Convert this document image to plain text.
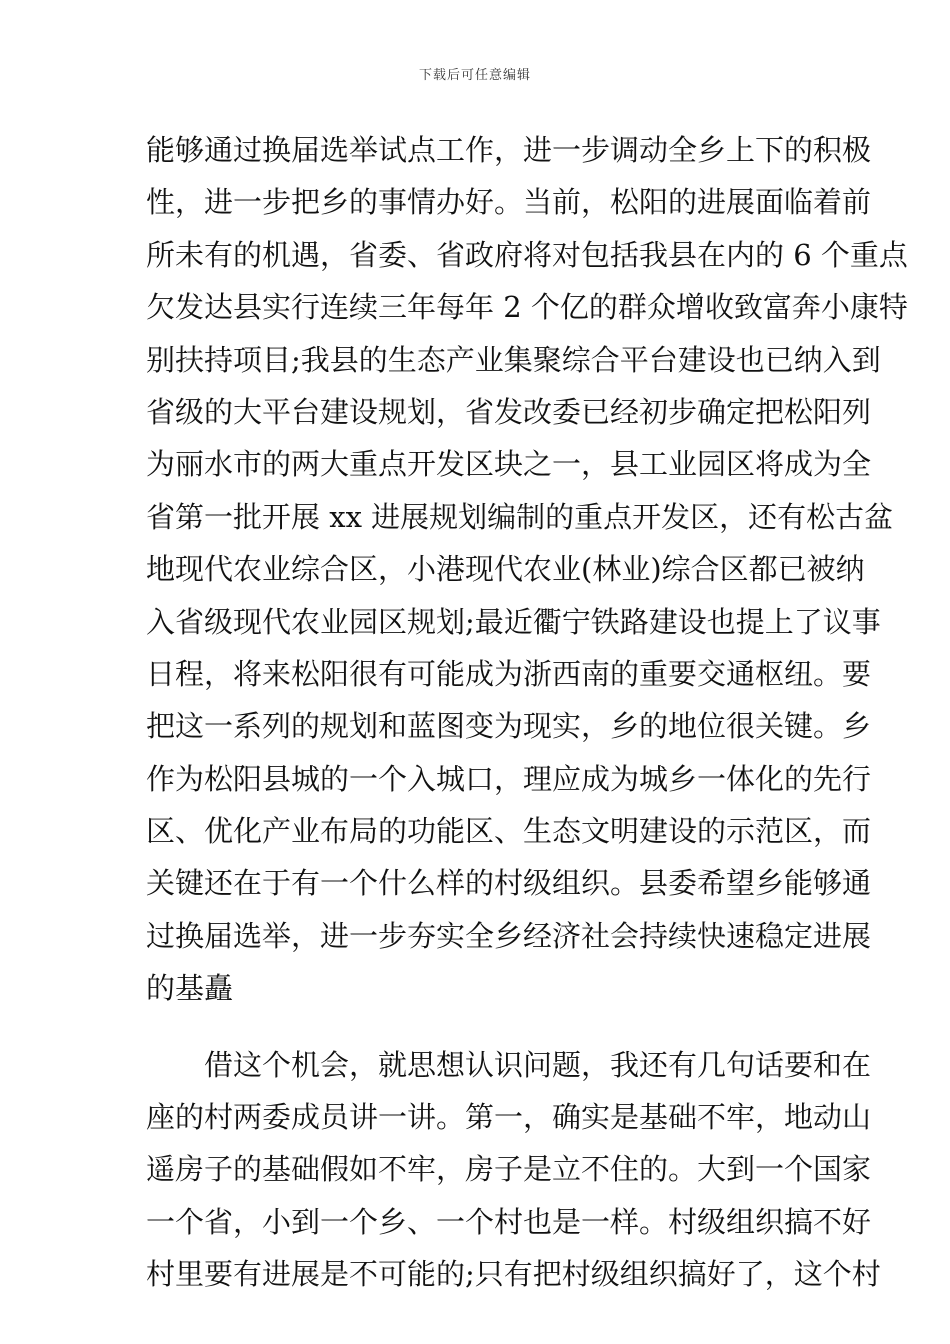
下载后可任意编辑
能够通过换届选举试点工作，进一步调动全乡上下的积极
性，进一步把乡的事情办好。当前，松阳的进展面临着前
所未有的机遇，省委、省政府将对包括我县在内的 6 个重点
欠发达县实行连续三年每年 2 个亿的群众增收致富奔小康特
别扶持项目;我县的生态产业集聚综合平台建设也已纳入到
省级的大平台建设规划，省发改委已经初步确定把松阳列
为丽水市的两大重点开发区块之一，县工业园区将成为全
省第一批开展 xx 进展规划编制的重点开发区，还有松古盆
地现代农业综合区，小港现代农业(林业)综合区都已被纳
入省级现代农业园区规划;最近衢宁铁路建设也提上了议事
日程，将来松阳很有可能成为浙西南的重要交通枢纽。要
把这一系列的规划和蓝图变为现实，乡的地位很关键。乡
作为松阳县城的一个入城口，理应成为城乡一体化的先行
区、优化产业布局的功能区、生态文明建设的示范区，而
关键还在于有一个什么样的村级组织。县委希望乡能够通
过换届选举，进一步夯实全乡经济社会持续快速稳定进展
的基矗
借这个机会，就思想认识问题，我还有几句话要和在
座的村两委成员讲一讲。第一，确实是基础不牢，地动山
遥房子的基础假如不牢，房子是立不住的。大到一个国家
一个省，小到一个乡、一个村也是一样。村级组织搞不好
村里要有进展是不可能的;只有把村级组织搞好了，这个村
